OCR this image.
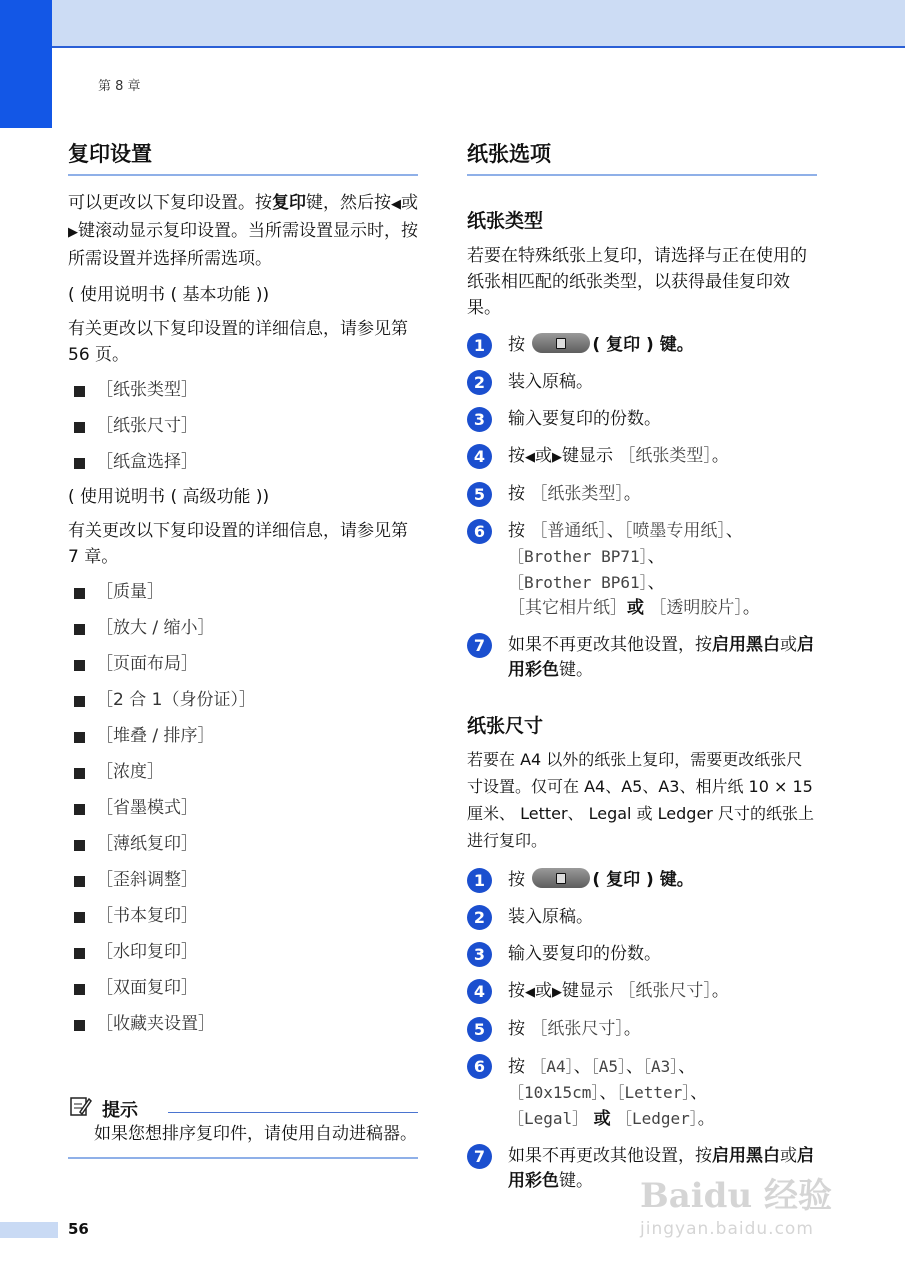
第 8 章
复印设置

可以更改以下复印设置。按复印键，然后按◀或▶键滚动显示复印设置。当所需设置显示时，按所需设置并选择所需选项。

( 使用说明书 ( 基本功能 ))

有关更改以下复印设置的详细信息，请参见第 56 页。

［纸张类型］
［纸张尺寸］
［纸盒选择］

( 使用说明书 ( 高级功能 ))

有关更改以下复印设置的详细信息，请参见第 7 章。

［质量］
［放大 / 缩小］
［页面布局］
［2 合 1（身份证）］
［堆叠 / 排序］
［浓度］
［省墨模式］
［薄纸复印］
［歪斜调整］
［书本复印］
［水印复印］
［双面复印］
［收藏夹设置］
提示

如果您想排序复印件，请使用自动进稿器。

纸张选项
纸张类型

若要在特殊纸张上复印，请选择与正在使用的纸张相匹配的纸张类型，以获得最佳复印效果。

1	按	( 复印 ) 键。
2	装入原稿。
3	输入要复印的份数。
4	按◀或▶键显示 ［纸张类型］。
5	按 ［纸张类型］。
6	按 ［普通纸］、［喷墨专用纸］、
［Brother BP71］、
［Brother BP61］、
［其它相片纸］或 ［透明胶片］。
7	如果不再更改其他设置，按启用黑白或启用彩色键。
纸张尺寸

若要在 A4 以外的纸张上复印，需要更改纸张尺寸设置。仅可在 A4、A5、A3、相片纸 10 × 15 厘米、 Letter、 Legal 或 Ledger 尺寸的纸张上进行复印。

1	按	( 复印 ) 键。
2	装入原稿。
3	输入要复印的份数。
4	按◀或▶键显示 ［纸张尺寸］。
5	按 ［纸张尺寸］。
6	按 ［A4］、［A5］、［A3］、
［10x15cm］、［Letter］、
［Legal］ 或 ［Ledger］。
7	如果不再更改其他设置，按启用黑白或启用彩色键。
56
Baidu 经验
jingyan.baidu.com
